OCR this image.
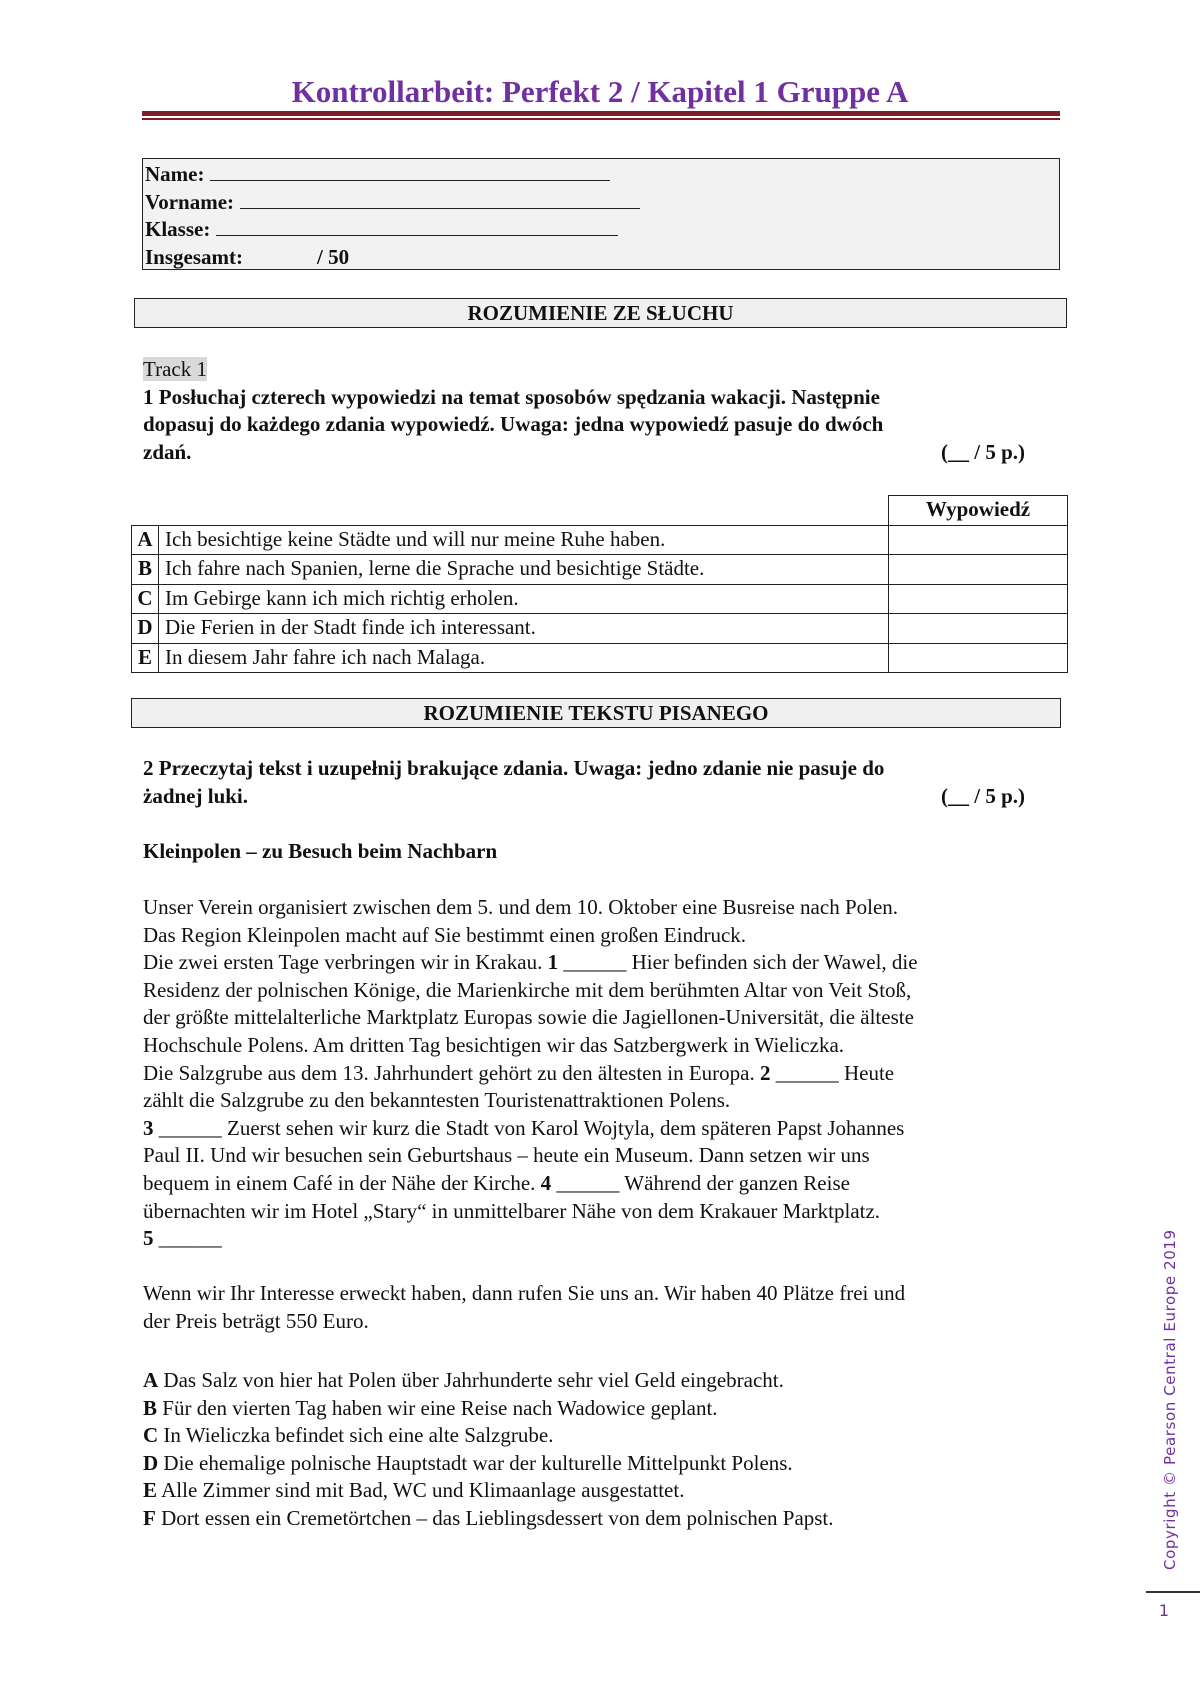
Kontrollarbeit: Perfekt 2 / Kapitel 1 Gruppe A
Name:
Vorname:
Klasse:
Insgesamt:	/ 50
ROZUMIENIE ZE SŁUCHU
Track 1
1 Posłuchaj czterech wypowiedzi na temat sposobów spędzania wakacji. Następnie
dopasuj do każdego zdania wypowiedź. Uwaga: jedna wypowiedź pasuje do dwóch
zdań.	(__ / 5 p.)
		Wypowiedź
A	Ich besichtige keine Städte und will nur meine Ruhe haben.	
B	Ich fahre nach Spanien, lerne die Sprache und besichtige Städte.	
C	Im Gebirge kann ich mich richtig erholen.	
D	Die Ferien in der Stadt finde ich interessant.	
E	In diesem Jahr fahre ich nach Malaga.	
ROZUMIENIE TEKSTU PISANEGO
2 Przeczytaj tekst i uzupełnij brakujące zdania. Uwaga: jedno zdanie nie pasuje do
żadnej luki.	(__ / 5 p.)
Kleinpolen – zu Besuch beim Nachbarn

Unser Verein organisiert zwischen dem 5. und dem 10. Oktober eine Busreise nach Polen.

Das Region Kleinpolen macht auf Sie bestimmt einen großen Eindruck.

Die zwei ersten Tage verbringen wir in Krakau. 1 ______ Hier befinden sich der Wawel, die

Residenz der polnischen Könige, die Marienkirche mit dem berühmten Altar von Veit Stoß,

der größte mittelalterliche Marktplatz Europas sowie die Jagiellonen-Universität, die älteste

Hochschule Polens. Am dritten Tag besichtigen wir das Satzbergwerk in Wieliczka.

Die Salzgrube aus dem 13. Jahrhundert gehört zu den ältesten in Europa. 2 ______ Heute

zählt die Salzgrube zu den bekanntesten Touristenattraktionen Polens.

3 ______ Zuerst sehen wir kurz die Stadt von Karol Wojtyla, dem späteren Papst Johannes

Paul II. Und wir besuchen sein Geburtshaus – heute ein Museum. Dann setzen wir uns

bequem in einem Café in der Nähe der Kirche. 4 ______ Während der ganzen Reise

übernachten wir im Hotel „Stary“ in unmittelbarer Nähe von dem Krakauer Marktplatz.

5 ______

Wenn wir Ihr Interesse erweckt haben, dann rufen Sie uns an. Wir haben 40 Plätze frei und

der Preis beträgt 550 Euro.

A Das Salz von hier hat Polen über Jahrhunderte sehr viel Geld eingebracht.

B Für den vierten Tag haben wir eine Reise nach Wadowice geplant.

C In Wieliczka befindet sich eine alte Salzgrube.

D Die ehemalige polnische Hauptstadt war der kulturelle Mittelpunkt Polens.

E Alle Zimmer sind mit Bad, WC und Klimaanlage ausgestattet.

F Dort essen ein Cremetörtchen – das Lieblingsdessert von dem polnischen Papst.	Copyright © Pearson Central Europe 2019
1
